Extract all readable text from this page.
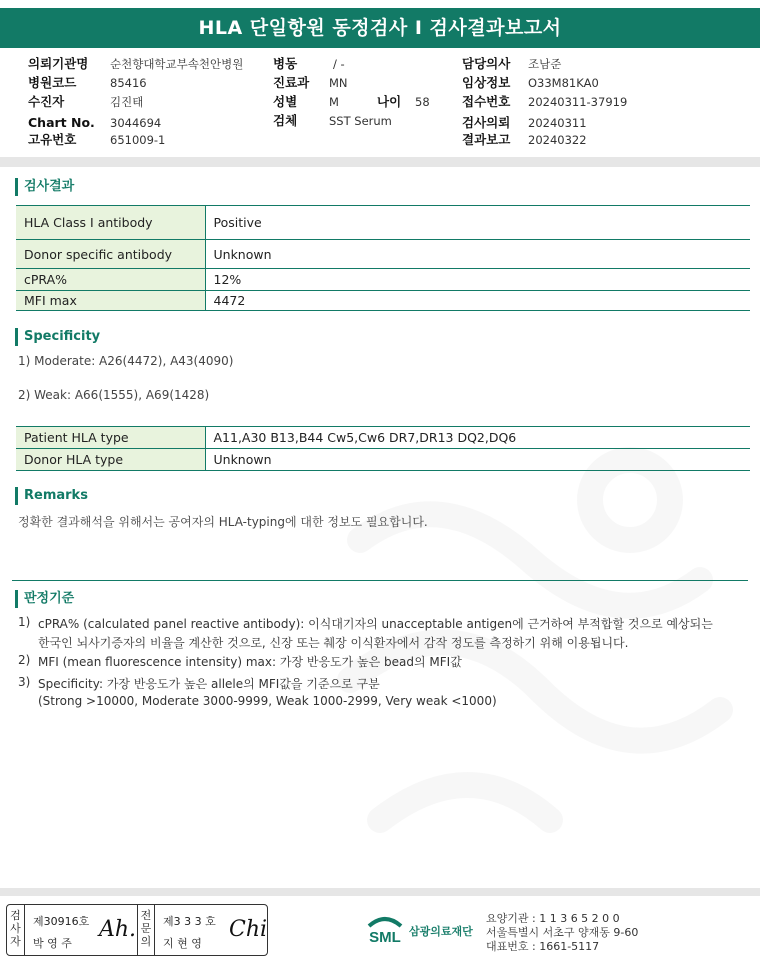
HLA 단일항원 동정검사 I 검사결과보고서
의뢰기관명 순천향대학교부속천안병원
병원코드	85416
수진자	김진태
Chart No. 3044694
고유번호	651009-1
병동	/ -
진료과 MN
성별	M	나이 58
검체	SST Serum
담당의사 조남준
임상정보 O33M81KA0
접수번호 20240311-37919
검사의뢰 20240311
결과보고 20240322
검사결과
HLA Class I antibody	Positive
Donor specific antibody	Unknown
cPRA%	12%
MFI max	4472
Specificity
1) Moderate: A26(4472), A43(4090)
2) Weak: A66(1555), A69(1428)
Patient HLA type	A11,A30 B13,B44 Cw5,Cw6 DR7,DR13 DQ2,DQ6
Donor HLA type	Unknown
Remarks
정확한 결과해석을 위해서는 공여자의 HLA-typing에 대한 정보도 필요합니다.
판정기준
1) cPRA% (calculated panel reactive antibody): 이식대기자의 unacceptable antigen에 근거하여 부적합할 것으로 예상되는
한국인 뇌사기증자의 비율을 계산한 것으로, 신장 또는 췌장 이식환자에서 감작 정도를 측정하기 위해 이용됩니다.
2) MFI (mean fluorescence intensity) max: 가장 반응도가 높은 bead의 MFI값
3) Specificity: 가장 반응도가 높은 allele의 MFI값을 기준으로 구분
(Strong >10000, Moderate 3000-9999, Weak 1000-2999, Very weak <1000)
검사자
제30916호
박 영 주
Ah.
전문의
제3 3 3 호
지 현 영
Chi	SML 삼광의료재단
요양기관 : 1 1 3 6 5 2 0 0
서울특별시 서초구 양재동 9-60
대표번호 : 1661-5117
